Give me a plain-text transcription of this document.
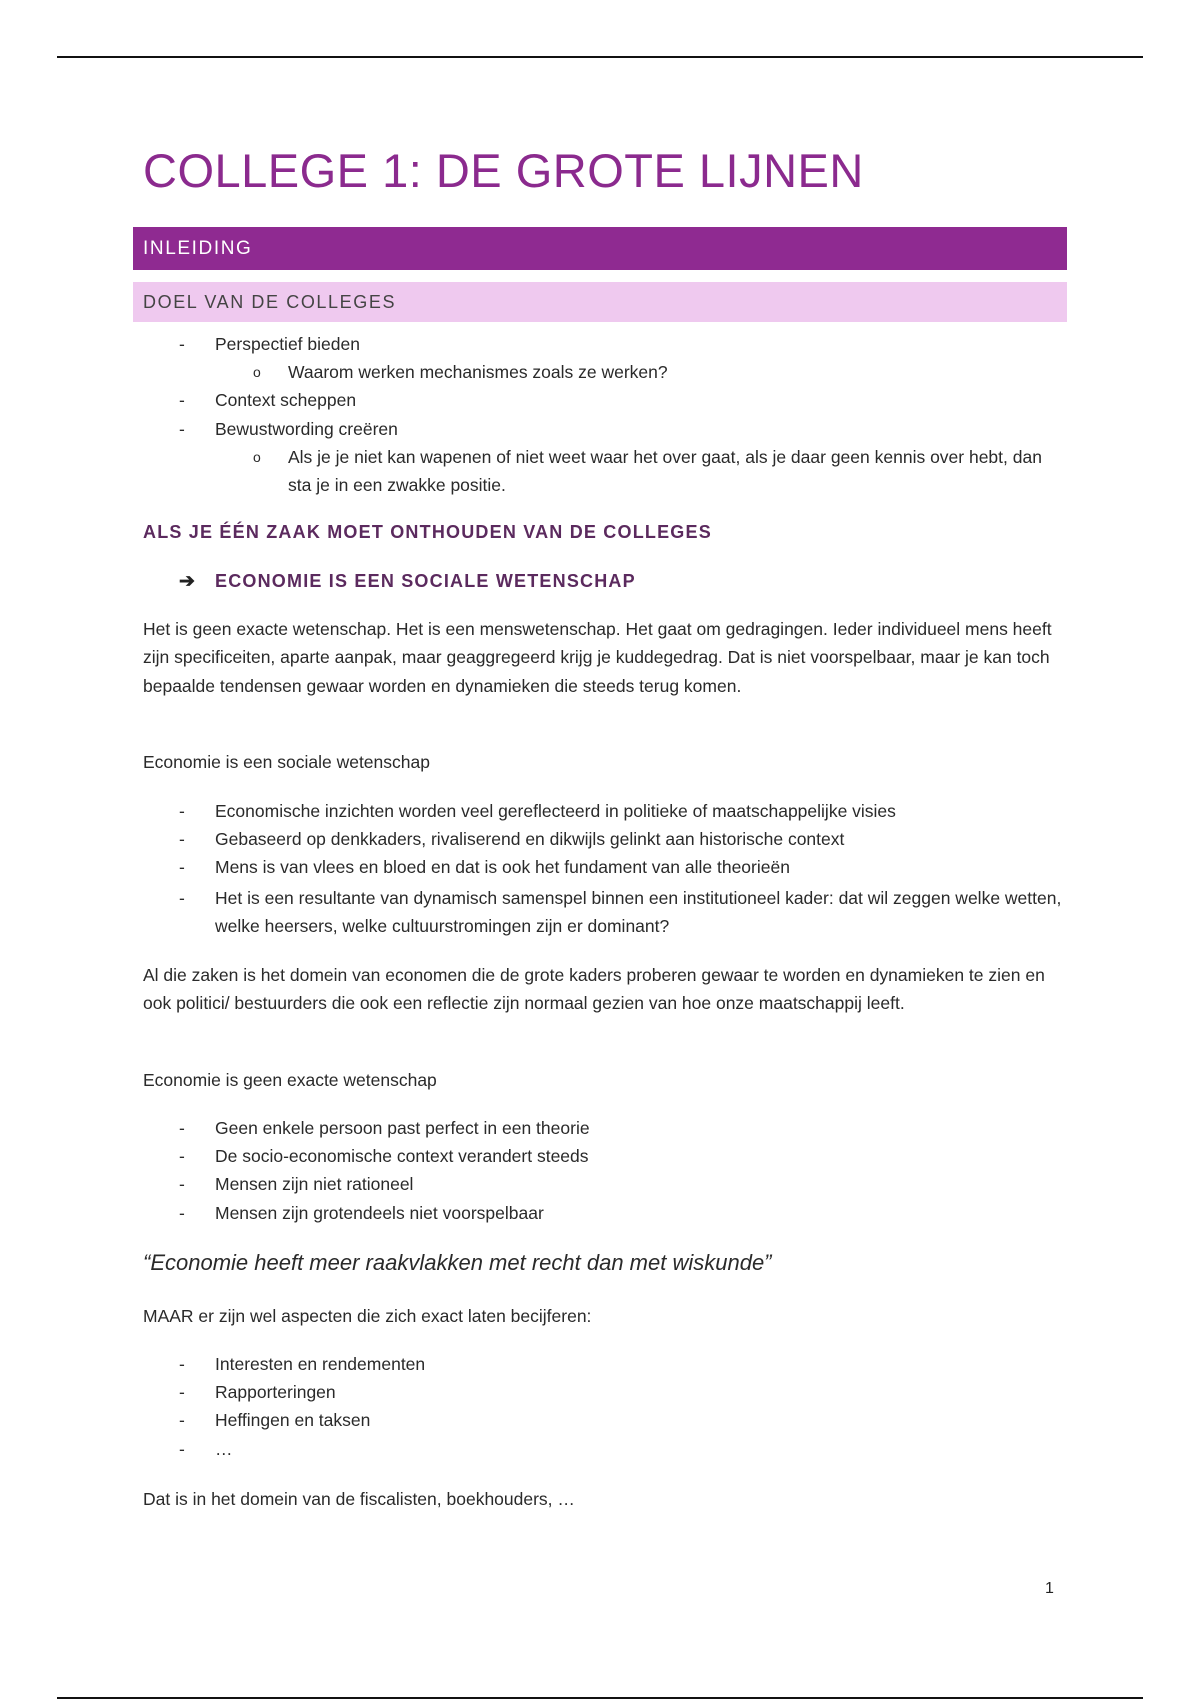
COLLEGE 1: DE GROTE LIJNEN
INLEIDING
DOEL VAN DE COLLEGES
- Perspectief bieden
o Waarom werken mechanismes zoals ze werken?
- Context scheppen
- Bewustwording creëren
o Als je je niet kan wapenen of niet weet waar het over gaat, als je daar geen kennis over hebt, dan sta je in een zwakke positie.
ALS JE ÉÉN ZAAK MOET ONTHOUDEN VAN DE COLLEGES
➔ ECONOMIE IS EEN SOCIALE WETENSCHAP

Het is geen exacte wetenschap. Het is een menswetenschap. Het gaat om gedragingen. Ieder individueel mens heeft zijn specificeiten, aparte aanpak, maar geaggregeerd krijg je kuddegedrag. Dat is niet voorspelbaar, maar je kan toch bepaalde tendensen gewaar worden en dynamieken die steeds terug komen.

Economie is een sociale wetenschap
- Economische inzichten worden veel gereflecteerd in politieke of maatschappelijke visies
- Gebaseerd op denkkaders, rivaliserend en dikwijls gelinkt aan historische context
- Mens is van vlees en bloed en dat is ook het fundament van alle theorieën
- Het is een resultante van dynamisch samenspel binnen een institutioneel kader: dat wil zeggen welke wetten, welke heersers, welke cultuurstromingen zijn er dominant?

Al die zaken is het domein van economen die de grote kaders proberen gewaar te worden en dynamieken te zien en ook politici/ bestuurders die ook een reflectie zijn normaal gezien van hoe onze maatschappij leeft.

Economie is geen exacte wetenschap
- Geen enkele persoon past perfect in een theorie
- De socio-economische context verandert steeds
- Mensen zijn niet rationeel
- Mensen zijn grotendeels niet voorspelbaar

“Economie heeft meer raakvlakken met recht dan met wiskunde”

MAAR er zijn wel aspecten die zich exact laten becijferen:
- Interesten en rendementen
- Rapporteringen
- Heffingen en taksen
- …
Dat is in het domein van de fiscalisten, boekhouders, …
1
